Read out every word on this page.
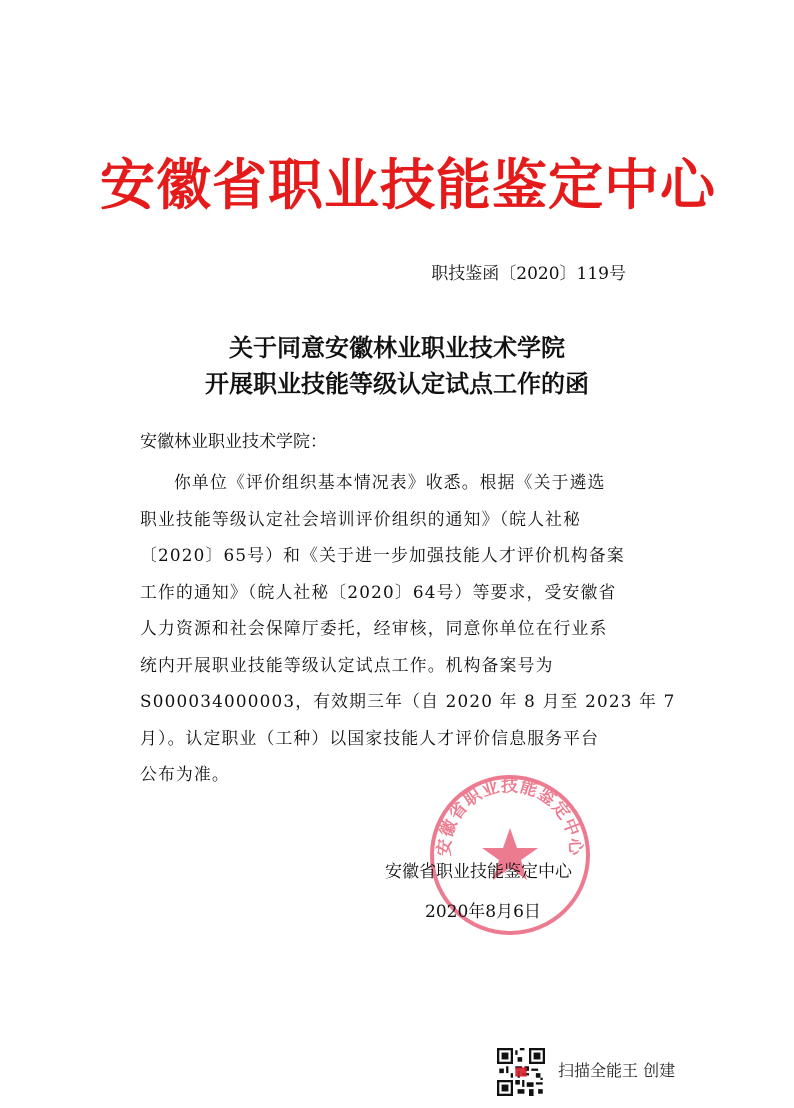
安徽省职业技能鉴定中心
职技鉴函〔2020〕119号
关于同意安徽林业职业技术学院
开展职业技能等级认定试点工作的函
安徽林业职业技术学院：
你单位《评价组织基本情况表》收悉。根据《关于遴选
职业技能等级认定社会培训评价组织的通知》（皖人社秘
〔2020〕65号）和《关于进一步加强技能人才评价机构备案
工作的通知》（皖人社秘〔2020〕64号）等要求，受安徽省
人力资源和社会保障厅委托，经审核，同意你单位在行业系
统内开展职业技能等级认定试点工作。机构备案号为
S000034000003，有效期三年（自 2020 年 8 月至 2023 年 7
月）。认定职业（工种）以国家技能人才评价信息服务平台
公布为准。
安徽省职业技能鉴定中心
安徽省职业技能鉴定中心
2020年8月6日
扫描全能王 创建
